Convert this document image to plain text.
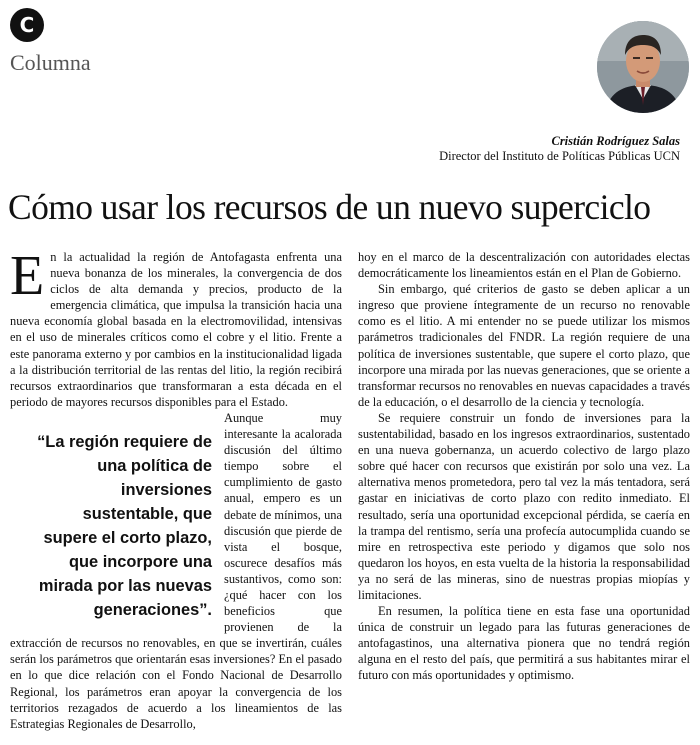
C
Columna
Cristián Rodríguez Salas
Director del Instituto de Políticas Públicas UCN
Cómo usar los recursos de un nuevo superciclo

En la actualidad la región de Antofagasta enfrenta una nueva bonanza de los minerales, la convergencia de dos ciclos de alta demanda y precios, producto de la emergencia climática, que impulsa la transición hacia una nueva economía global basada en la electromovilidad, intensivas en el uso de minerales críticos como el cobre y el litio. Frente a este panorama externo y por cambios en la institucionalidad ligada a la distribución territorial de las rentas del litio, la región recibirá recursos extraordinarios que transformaran a esta década en el periodo de mayores recursos disponibles para el Estado.

“La región requiere de una política de inversiones sustentable, que supere el corto plazo, que incorpore una mirada por las nuevas generaciones”.

Aunque muy interesante la acalorada discusión del último tiempo sobre el cumplimiento de gasto anual, empero es un debate de mínimos, una discusión que pierde de vista el bosque, oscurece desafíos más sustantivos, como son: ¿qué hacer con los beneficios que provienen de la extracción de recursos no renovables, en que se invertirán, cuáles serán los parámetros que orientarán esas inversiones? En el pasado en lo que dice relación con el Fondo Nacional de Desarrollo Regional, los parámetros eran apoyar la convergencia de los territorios rezagados de acuerdo a los lineamientos de las Estrategias Regionales de Desarrollo,

hoy en el marco de la descentralización con autoridades electas democráticamente los lineamientos están en el Plan de Gobierno.

Sin embargo, qué criterios de gasto se deben aplicar a un ingreso que proviene íntegramente de un recurso no renovable como es el litio. A mi entender no se puede utilizar los mismos parámetros tradicionales del FNDR. La región requiere de una política de inversiones sustentable, que supere el corto plazo, que incorpore una mirada por las nuevas generaciones, que se oriente a transformar recursos no renovables en nuevas capacidades a través de la educación, o el desarrollo de la ciencia y tecnología.

Se requiere construir un fondo de inversiones para la sustentabilidad, basado en los ingresos extraordinarios, sustentado en una nueva gobernanza, un acuerdo colectivo de largo plazo sobre qué hacer con recursos que existirán por solo una vez. La alternativa menos prometedora, pero tal vez la más tentadora, será gastar en iniciativas de corto plazo con redito inmediato. El resultado, sería una oportunidad excepcional pérdida, se caería en la trampa del rentismo, sería una profecía autocumplida cuando se mire en retrospectiva este periodo y digamos que solo nos quedaron los hoyos, en esta vuelta de la historia la responsabilidad ya no será de las mineras, sino de nuestras propias miopías y limitaciones.

En resumen, la política tiene en esta fase una oportunidad única de construir un legado para las futuras generaciones de antofagastinos, una alternativa pionera que no tendrá región alguna en el resto del país, que permitirá a sus habitantes mirar el futuro con más oportunidades y optimismo.
